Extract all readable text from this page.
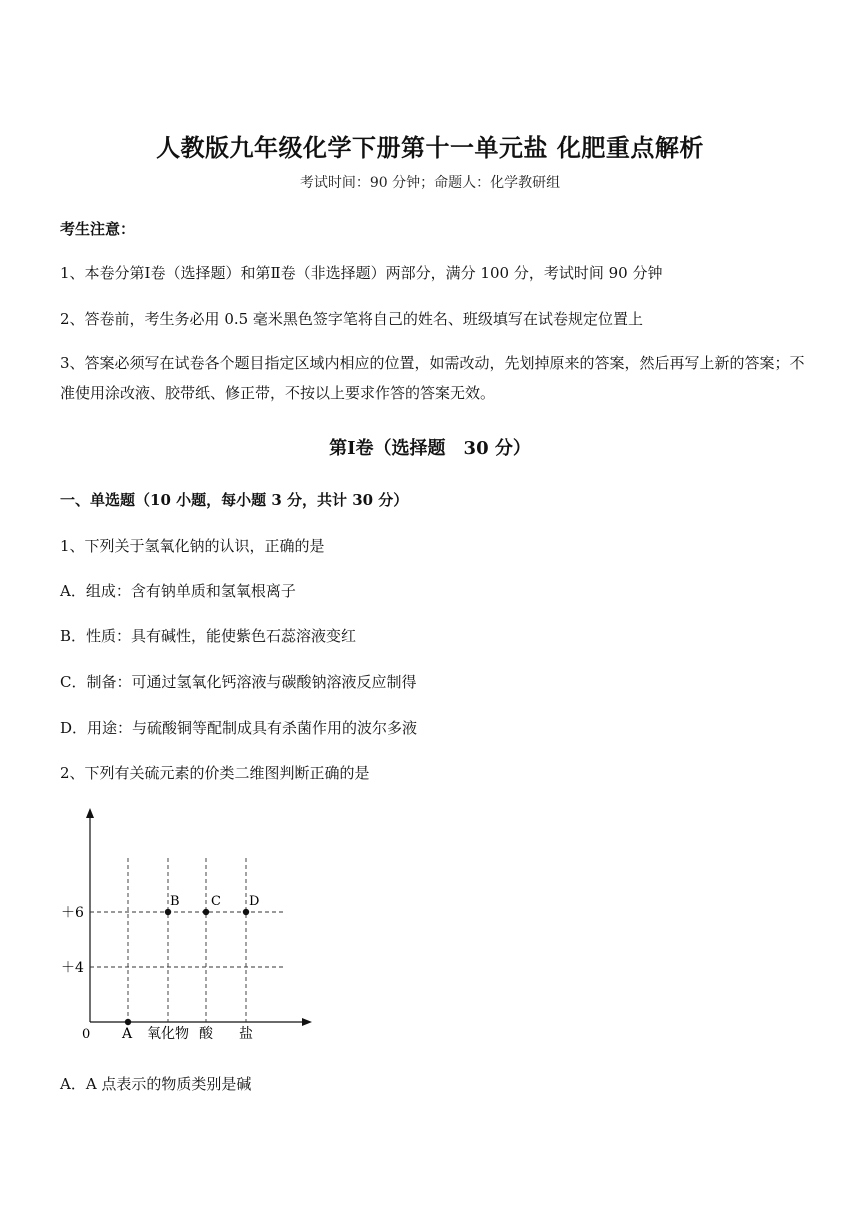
人教版九年级化学下册第十一单元盐 化肥重点解析
考试时间：90 分钟；命题人：化学教研组
考生注意：
1、本卷分第Ⅰ卷（选择题）和第Ⅱ卷（非选择题）两部分，满分 100 分，考试时间 90 分钟
2、答卷前，考生务必用 0.5 毫米黑色签字笔将自己的姓名、班级填写在试卷规定位置上
3、答案必须写在试卷各个题目指定区域内相应的位置，如需改动，先划掉原来的答案，然后再写上新的答案；不准使用涂改液、胶带纸、修正带，不按以上要求作答的答案无效。
第Ⅰ卷（选择题　30 分）
一、单选题（10 小题，每小题 3 分，共计 30 分）
1、下列关于氢氧化钠的认识，正确的是
A．组成：含有钠单质和氢氧根离子
B．性质：具有碱性，能使紫色石蕊溶液变红
C．制备：可通过氢氧化钙溶液与碳酸钠溶液反应制得
D．用途：与硫酸铜等配制成具有杀菌作用的波尔多液
2、下列有关硫元素的价类二维图判断正确的是
＋6
＋4
0	氧化物 酸 盐
A
B C D
A．A 点表示的物质类别是碱
